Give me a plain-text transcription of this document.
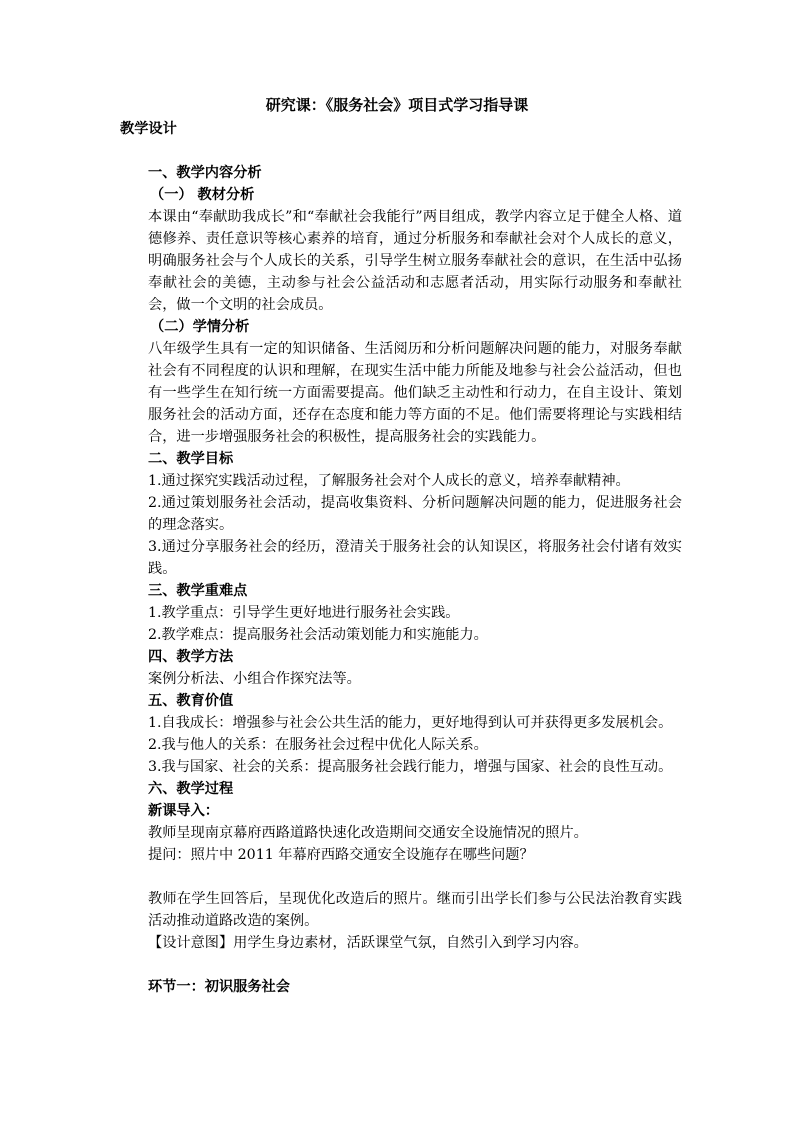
研究课：《服务社会》项目式学习指导课
教学设计
一、教学内容分析
（一） 教材分析
本课由“奉献助我成长”和“奉献社会我能行”两目组成，教学内容立足于健全人格、道德修养、责任意识等核心素养的培育，通过分析服务和奉献社会对个人成长的意义，明确服务社会与个人成长的关系，引导学生树立服务奉献社会的意识，在生活中弘扬奉献社会的美德，主动参与社会公益活动和志愿者活动，用实际行动服务和奉献社会，做一个文明的社会成员。
（二）学情分析
八年级学生具有一定的知识储备、生活阅历和分析问题解决问题的能力，对服务奉献社会有不同程度的认识和理解，在现实生活中能力所能及地参与社会公益活动，但也有一些学生在知行统一方面需要提高。他们缺乏主动性和行动力，在自主设计、策划服务社会的活动方面，还存在态度和能力等方面的不足。他们需要将理论与实践相结合，进一步增强服务社会的积极性，提高服务社会的实践能力。
二、教学目标
1.通过探究实践活动过程，了解服务社会对个人成长的意义，培养奉献精神。
2.通过策划服务社会活动，提高收集资料、分析问题解决问题的能力，促进服务社会的理念落实。
3.通过分享服务社会的经历，澄清关于服务社会的认知误区，将服务社会付诸有效实践。
三、教学重难点
1.教学重点：引导学生更好地进行服务社会实践。
2.教学难点：提高服务社会活动策划能力和实施能力。
四、教学方法
案例分析法、小组合作探究法等。
五、教育价值
1.自我成长：增强参与社会公共生活的能力，更好地得到认可并获得更多发展机会。
2.我与他人的关系：在服务社会过程中优化人际关系。
3.我与国家、社会的关系：提高服务社会践行能力，增强与国家、社会的良性互动。
六、教学过程
新课导入：
教师呈现南京幕府西路道路快速化改造期间交通安全设施情况的照片。
提问：照片中 2011 年幕府西路交通安全设施存在哪些问题？
教师在学生回答后，呈现优化改造后的照片。继而引出学长们参与公民法治教育实践活动推动道路改造的案例。
【设计意图】用学生身边素材，活跃课堂气氛，自然引入到学习内容。
环节一：初识服务社会
